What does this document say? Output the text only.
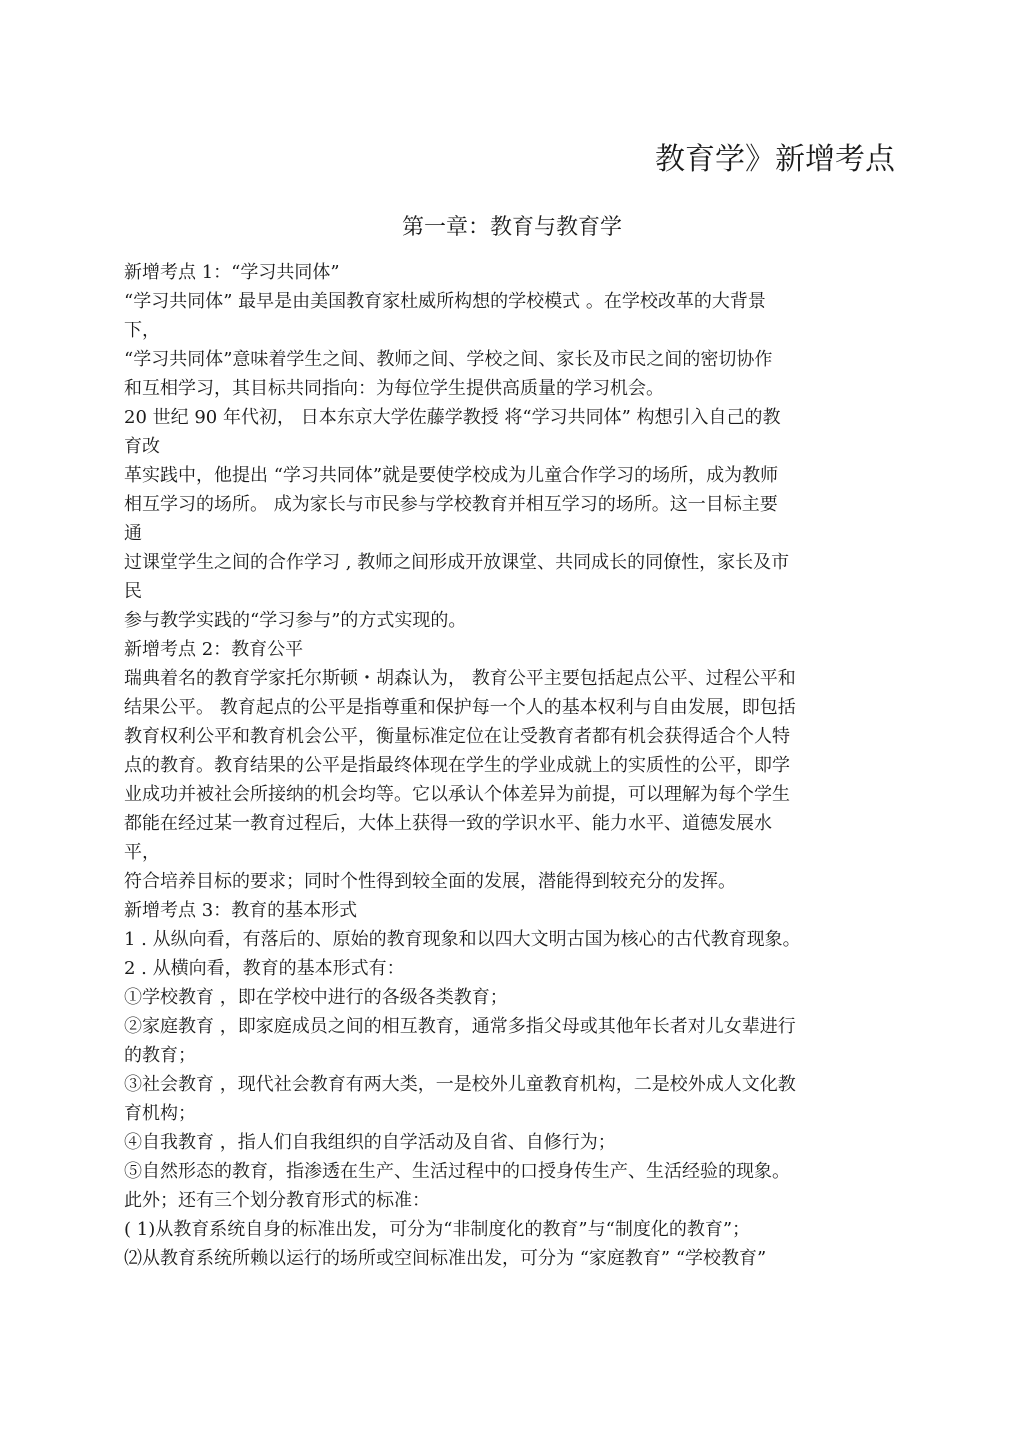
教育学》新增考点
第一章：教育与教育学

新增考点 1：“学习共同体”

“学习共同体” 最早是由美国教育家杜威所构想的学校模式 。在学校改革的大背景

下，

“学习共同体”意味着学生之间、教师之间、学校之间、家长及市民之间的密切协作

和互相学习，其目标共同指向：为每位学生提供高质量的学习机会。

20 世纪 90 年代初， 日本东京大学佐藤学教授 将“学习共同体” 构想引入自己的教

育改

革实践中，他提出 “学习共同体”就是要使学校成为儿童合作学习的场所，成为教师

相互学习的场所。 成为家长与市民参与学校教育并相互学习的场所。这一目标主要

通

过课堂学生之间的合作学习 , 教师之间形成开放课堂、共同成长的同僚性，家长及市

民

参与教学实践的“学习参与”的方式实现的。

新增考点 2：教育公平

瑞典着名的教育学家托尔斯顿・胡森认为， 教育公平主要包括起点公平、过程公平和

结果公平。 教育起点的公平是指尊重和保护每一个人的基本权利与自由发展，即包括

教育权利公平和教育机会公平，衡量标准定位在让受教育者都有机会获得适合个人特

点的教育。教育结果的公平是指最终体现在学生的学业成就上的实质性的公平，即学

业成功并被社会所接纳的机会均等。它以承认个体差异为前提，可以理解为每个学生

都能在经过某一教育过程后，大体上获得一致的学识水平、能力水平、道德发展水

平，

符合培养目标的要求；同时个性得到较全面的发展，潜能得到较充分的发挥。

新增考点 3：教育的基本形式

1 . 从纵向看，有落后的、原始的教育现象和以四大文明古国为核心的古代教育现象。

2 . 从横向看，教育的基本形式有：

①学校教育 ，即在学校中进行的各级各类教育；

②家庭教育 ，即家庭成员之间的相互教育，通常多指父母或其他年长者对儿女辈进行

的教育；

③社会教育 ，现代社会教育有两大类，一是校外儿童教育机构，二是校外成人文化教

育机构；

④自我教育 ，指人们自我组织的自学活动及自省、自修行为；

⑤自然形态的教育，指渗透在生产、生活过程中的口授身传生产、生活经验的现象。

此外；还有三个划分教育形式的标准：

( 1)从教育系统自身的标准出发，可分为“非制度化的教育”与“制度化的教育”；

⑵从教育系统所赖以运行的场所或空间标准出发，可分为 “家庭教育” “学校教育”
